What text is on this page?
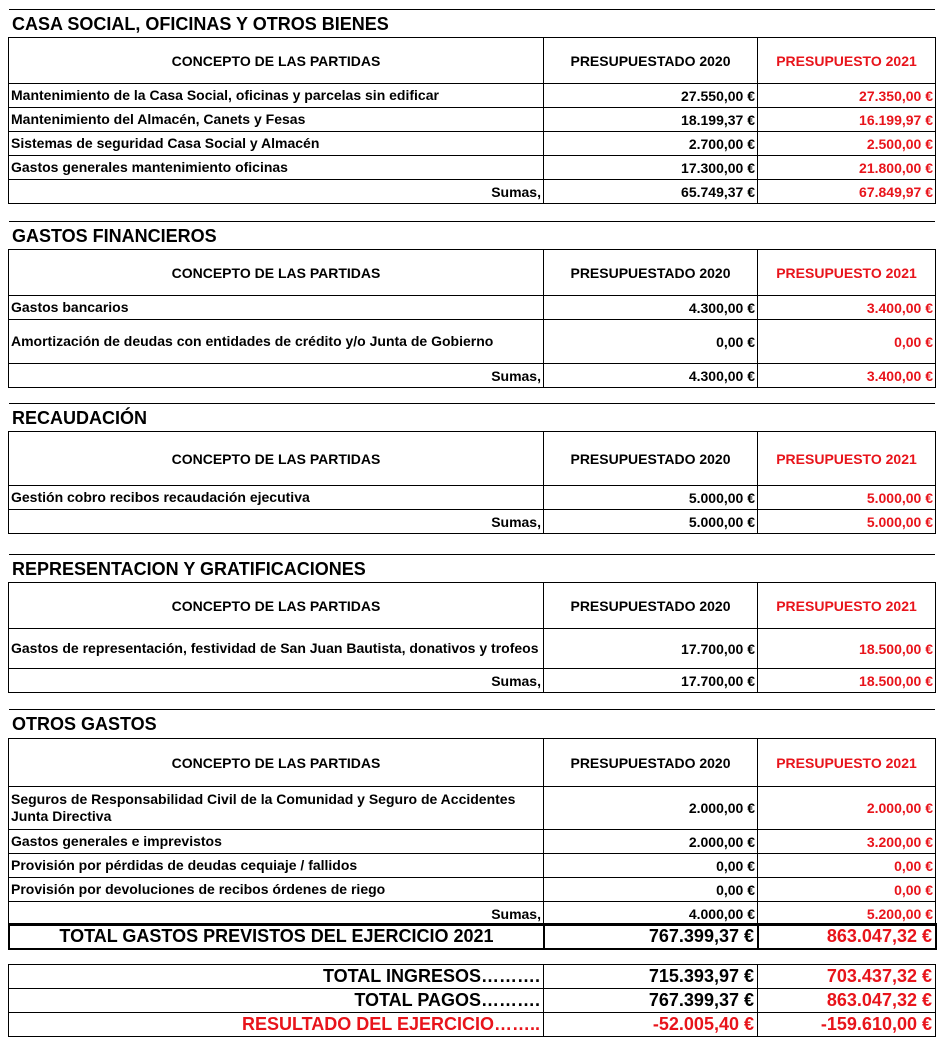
CASA SOCIAL, OFICINAS Y OTROS BIENES
CONCEPTO DE LAS PARTIDAS	PRESUPUESTADO 2020	PRESUPUESTO 2021
Mantenimiento de la Casa Social, oficinas y parcelas sin edificar	27.550,00 €	27.350,00 €
Mantenimiento del Almacén, Canets y Fesas	18.199,37 €	16.199,97 €
Sistemas de seguridad Casa Social y Almacén	2.700,00 €	2.500,00 €
Gastos generales mantenimiento oficinas	17.300,00 €	21.800,00 €
Sumas,	65.749,37 €	67.849,97 €
GASTOS FINANCIEROS
CONCEPTO DE LAS PARTIDAS	PRESUPUESTADO 2020	PRESUPUESTO 2021
Gastos bancarios	4.300,00 €	3.400,00 €
Amortización de deudas con entidades de crédito y/o Junta de Gobierno	0,00 €	0,00 €
Sumas,	4.300,00 €	3.400,00 €
RECAUDACIÓN
CONCEPTO DE LAS PARTIDAS	PRESUPUESTADO 2020	PRESUPUESTO 2021
Gestión cobro recibos recaudación ejecutiva	5.000,00 €	5.000,00 €
Sumas,	5.000,00 €	5.000,00 €
REPRESENTACION Y GRATIFICACIONES
CONCEPTO DE LAS PARTIDAS	PRESUPUESTADO 2020	PRESUPUESTO 2021
Gastos de representación, festividad de San Juan Bautista, donativos y trofeos	17.700,00 €	18.500,00 €
Sumas,	17.700,00 €	18.500,00 €
OTROS GASTOS
CONCEPTO DE LAS PARTIDAS	PRESUPUESTADO 2020	PRESUPUESTO 2021
Seguros de Responsabilidad Civil de la Comunidad y Seguro de Accidentes Junta Directiva	2.000,00 €	2.000,00 €
Gastos generales e imprevistos	2.000,00 €	3.200,00 €
Provisión por pérdidas de deudas cequiaje / fallidos	0,00 €	0,00 €
Provisión por devoluciones de recibos órdenes de riego	0,00 €	0,00 €
Sumas,	4.000,00 €	5.200,00 €
TOTAL GASTOS PREVISTOS DEL EJERCICIO 2021	767.399,37 €	863.047,32 €
TOTAL INGRESOS……….	715.393,97 €	703.437,32 €
TOTAL PAGOS……….	767.399,37 €	863.047,32 €
RESULTADO DEL EJERCICIO……..	-52.005,40 €	-159.610,00 €
